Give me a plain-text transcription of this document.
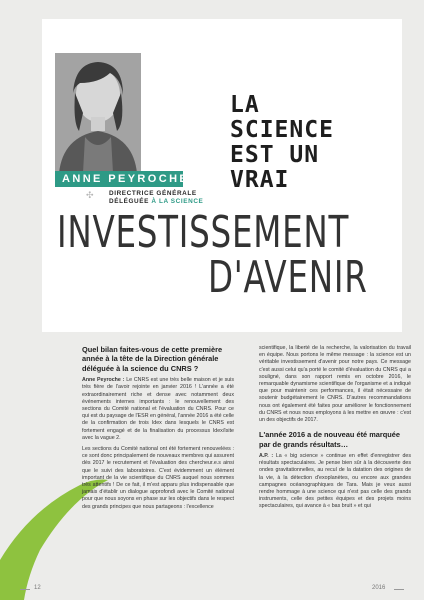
ANNE PEYROCHE
✣ DIRECTRICE GÉNÉRALE
DÉLÉGUÉE À LA SCIENCE
LA
SCIENCE
EST UN
VRAI
INVESTISSEMENT
D'AVENIR

Quel bilan faites-vous de cette première année à la tête de la Direction générale déléguée à la science du CNRS ?

Anne Peyroche : Le CNRS est une très belle maison et je suis très fière de l'avoir rejointe en janvier 2016 ! L'année a été extraordinairement riche et dense avec notamment deux événements internes importants : le renouvellement des sections du Comité national et l'évaluation du CNRS. Pour ce qui est du paysage de l'ESR en général, l'année 2016 a été celle de la confirmation de trois Idex dans lesquels le CNRS est fortement engagé et de la finalisation du processus Idex/Isite avec la vague 2.

Les sections du Comité national ont été fortement renouvelées : ce sont donc principalement de nouveaux membres qui assurent dès 2017 le recrutement et l'évaluation des chercheur.e.s ainsi que le suivi des laboratoires. C'est évidemment un élément important de la vie scientifique du CNRS auquel nous sommes très attentifs ! De ce fait, il m'est apparu plus indispensable que jamais d'établir un dialogue approfondi avec le Comité national pour que nous soyons en phase sur les objectifs dans le respect des grands principes que nous partageons : l'excellence

scientifique, la liberté de la recherche, la valorisation du travail en équipe. Nous portons le même message : la science est un véritable investissement d'avenir pour notre pays. Ce message c'est aussi celui qu'a porté le comité d'évaluation du CNRS qui a souligné, dans son rapport remis en octobre 2016, le remarquable dynamisme scientifique de l'organisme et a indiqué que pour maintenir ces performances, il était nécessaire de soutenir budgétairement le CNRS. D'autres recommandations nous ont également été faites pour améliorer le fonctionnement du CNRS et nous nous employons à les mettre en œuvre : c'est un des objectifs de 2017.

L'année 2016 a de nouveau été marquée par de grands résultats…

A.P. : La « big science » continue en effet d'enregistrer des résultats spectaculaires. Je pense bien sûr à la découverte des ondes gravitationnelles, au recul de la datation des origines de la vie, à la détection d'exoplanètes, ou encore aux grandes campagnes océanographiques de Tara. Mais je veux aussi rendre hommage à une science qui n'est pas celle des grands instruments, celle des petites équipes et des projets moins spectaculaires, qui avance à « bas bruit » et qui

12	2016
